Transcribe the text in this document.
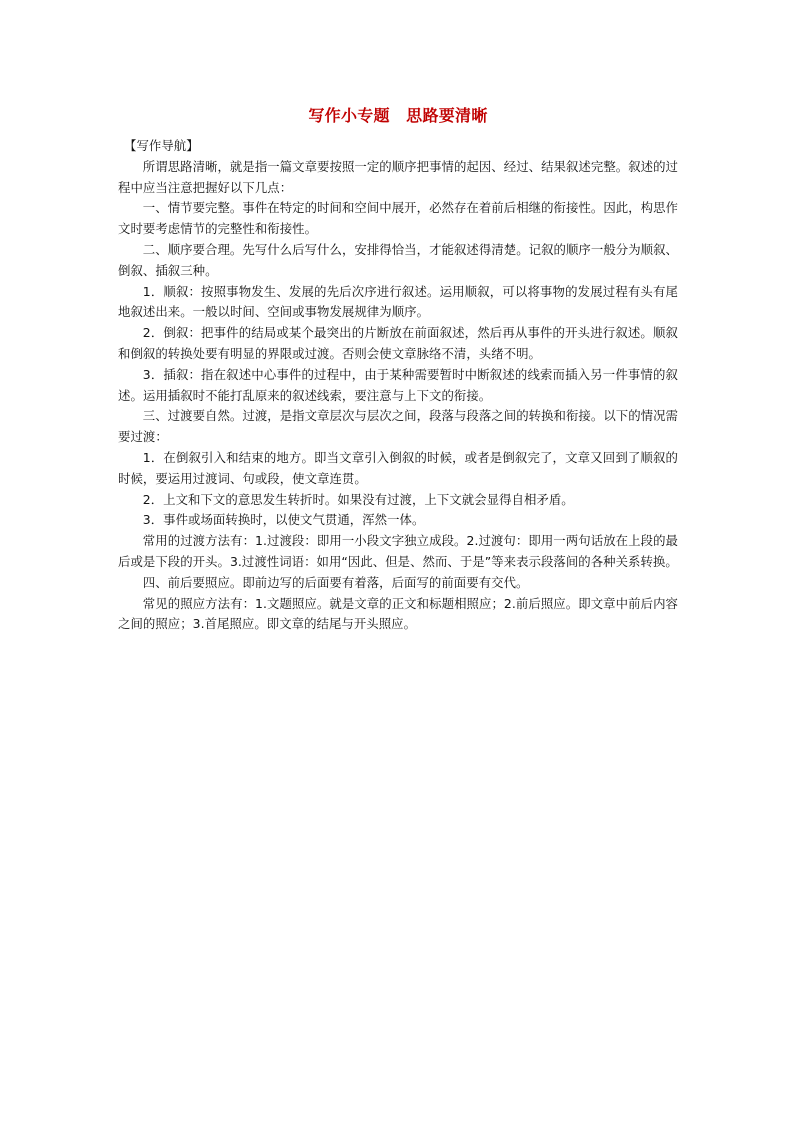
写作小专题　思路要清晰
【写作导航】

所谓思路清晰，就是指一篇文章要按照一定的顺序把事情的起因、经过、结果叙述完整。叙述的过程中应当注意把握好以下几点：

一、情节要完整。事件在特定的时间和空间中展开，必然存在着前后相继的衔接性。因此，构思作文时要考虑情节的完整性和衔接性。

二、顺序要合理。先写什么后写什么，安排得恰当，才能叙述得清楚。记叙的顺序一般分为顺叙、倒叙、插叙三种。

1．顺叙：按照事物发生、发展的先后次序进行叙述。运用顺叙，可以将事物的发展过程有头有尾地叙述出来。一般以时间、空间或事物发展规律为顺序。

2．倒叙：把事件的结局或某个最突出的片断放在前面叙述，然后再从事件的开头进行叙述。顺叙和倒叙的转换处要有明显的界限或过渡。否则会使文章脉络不清，头绪不明。

3．插叙：指在叙述中心事件的过程中，由于某种需要暂时中断叙述的线索而插入另一件事情的叙述。运用插叙时不能打乱原来的叙述线索，要注意与上下文的衔接。

三、过渡要自然。过渡，是指文章层次与层次之间，段落与段落之间的转换和衔接。以下的情况需要过渡：

1．在倒叙引入和结束的地方。即当文章引入倒叙的时候，或者是倒叙完了，文章又回到了顺叙的时候，要运用过渡词、句或段，使文章连贯。

2．上文和下文的意思发生转折时。如果没有过渡，上下文就会显得自相矛盾。

3．事件或场面转换时，以使文气贯通，浑然一体。

常用的过渡方法有：1.过渡段：即用一小段文字独立成段。2.过渡句：即用一两句话放在上段的最后或是下段的开头。3.过渡性词语：如用“因此、但是、然而、于是”等来表示段落间的各种关系转换。

四、前后要照应。即前边写的后面要有着落，后面写的前面要有交代。

常见的照应方法有：1.文题照应。就是文章的正文和标题相照应；2.前后照应。即文章中前后内容之间的照应；3.首尾照应。即文章的结尾与开头照应。
